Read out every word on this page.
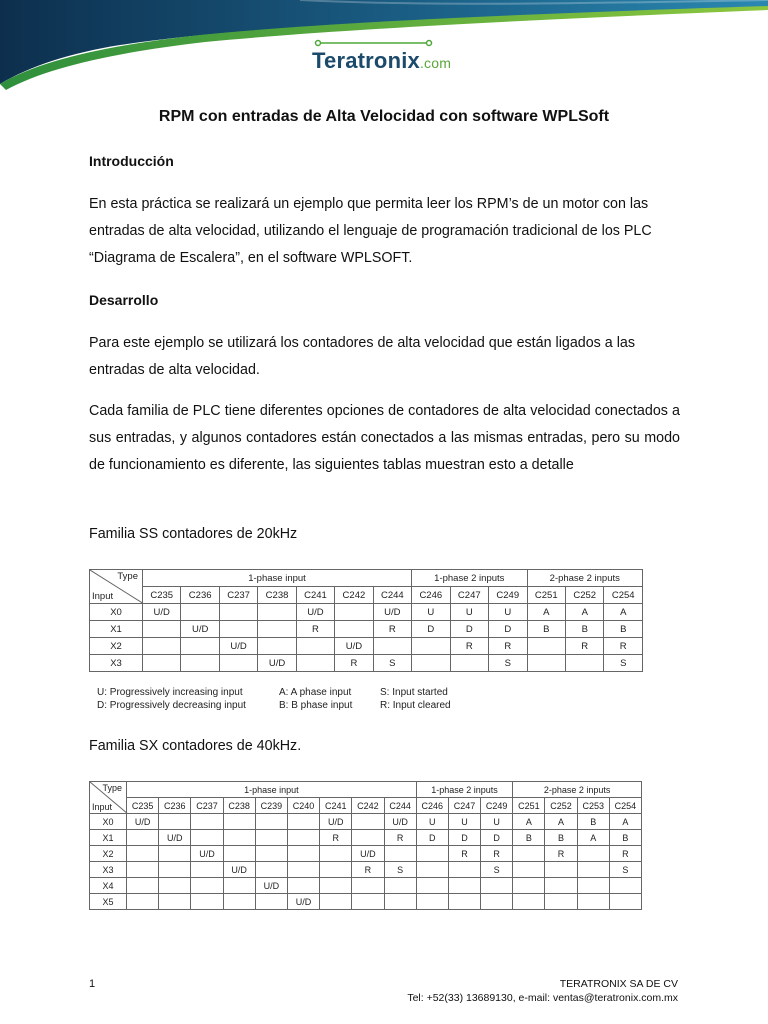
Teratronix.com
RPM con entradas de Alta Velocidad con software WPLSoft
Introducción

En esta práctica se realizará un ejemplo que permita leer los RPM’s de un motor con las entradas de alta velocidad, utilizando el lenguaje de programación tradicional de los PLC “Diagrama de Escalera”, en el software WPLSOFT.

Desarrollo

Para este ejemplo se utilizará los contadores de alta velocidad que están ligados a las entradas de alta velocidad.

Cada familia de PLC tiene diferentes opciones de contadores de alta velocidad conectados a sus entradas, y algunos contadores están conectados a las mismas entradas, pero su modo de funcionamiento es diferente, las siguientes tablas muestran esto a detalle

Familia SS contadores de 20kHz
Type
Input	1-phase input							1-phase 2 inputs			2-phase 2 inputs		
	C235	C236	C237	C238	C241	C242	C244	C246	C247	C249	C251	C252	C254
X0	U/D				U/D		U/D	U	U	U	A	A	A
X1		U/D			R		R	D	D	D	B	B	B
X2			U/D			U/D			R	R		R	R
X3				U/D		R	S			S			S
U: Progressively increasing input
D: Progressively decreasing input
A: A phase input
B: B phase input
S: Input started
R: Input cleared
Familia SX contadores de 40kHz.
Type
Input	1-phase input									1-phase 2 inputs			2-phase 2 inputs			
	C235	C236	C237	C238	C239	C240	C241	C242	C244	C246	C247	C249	C251	C252	C253	C254
X0	U/D						U/D		U/D	U	U	U	A	A	B	A
X1		U/D					R		R	D	D	D	B	B	A	B
X2			U/D					U/D			R	R		R		R
X3				U/D				R	S			S				S
X4					U/D											
X5						U/D										
1	TERATRONIX SA DE CV
Tel: +52(33) 13689130, e-mail: ventas@teratronix.com.mx
